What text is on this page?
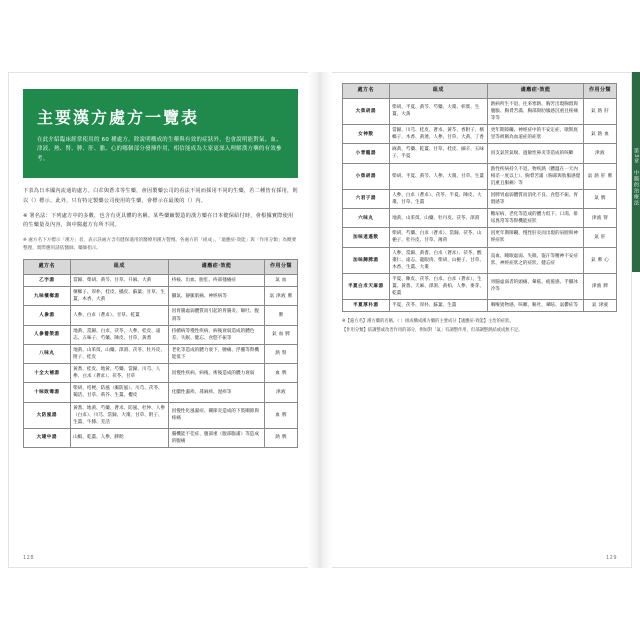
主要漢方處方一覽表

在此介紹臨床經常使用的 60 種處方。除說明構成的生藥與有效的症狀外，也會說明能對氣、血、津液、熱、腎、脾、肝、膽、心的哪個部分發揮作用，相信能成為大家更深入理解漢方藥的有效參考。

下表為日本國內流通的處方。白朮與蒼朮等生藥，會因製藥公司的看法不同而採用不同的生藥，若二種皆有採用，則以（）標示。此外，只有特定製藥公司使用的生藥，會標示在最後的（）內。

※ 署名法：下列處方中的多數，也含有更具體的名稱。某些藥廠製造的漢方藥在日本健保給付時，會根據實際使用的生藥量及內容，與中醫處方有所不同。

※ 處方名下方標示「漢方」者，表示該處方含有健保適用的醫療用漢方製劑。各處方的「組成」、「適應症‧效能」與「作用分類」為概要整理，實際應用請依醫師、藥師指示。
處方名	組成	適應症‧效能	作用分類
乙字湯	當歸、柴胡、黃芩、甘草、升麻、大黃	痔核、出血、脫肛、痔部搔癢症	氣 血
九味檳榔湯	檳榔子、厚朴、桂皮、橘皮、蘇葉、甘草、生薑、木香、大黃	腳氣、靜脈肌痛、神經病等	氣 津液 脾
人參湯	人參、白朮（蒼朮）、甘草、乾薑	因胃腸虛弱體質而引起的胃腸炎、嘔吐、腹瀉等	脾
人參養榮湯	地黃、當歸、白朮、茯苓、人參、桂皮、遠志、五味子、芍藥、陳皮、甘草、黃耆	持續病等慢性疾病、病後衰弱造成的體色差、失眠、健忘、食慾不振等	氣 血 脾
八味丸	地黃、山茱萸、山藥、澤瀉、茯苓、牡丹皮、附子、桂皮	老化等造成的體力衰下、腰痛、浮腫等腎機能低下	熱 腎
十全大補湯	黃耆、桂皮、地黃、芍藥、當歸、川芎、人參、白朮（蒼朮）、茯苓、甘草	因慢性疾病、病後、術後造成的體力衰弱	血 脾
十味敗毒湯	柴胡、桔梗、防風（濁防風）、川芎、茯苓、獨活、甘草、荊芥、生薑、櫻皮	化膿性濕疹、蕁麻疹、溼疹等	津液
大防風湯	黃耆、地黃、芍藥、蒼朮、防風、杜仲、人參（白朮）、川芎、當歸、大棗、甘草、附子、生薑、牛膝、羌活	因慢性化風濕症、關節炎造成的下肢關節與疼痛	血 脾
大建中湯	山椒、乾薑、人參、膠飴	腸機能不佳症、腹部重（腹部膨滿）等造成的腹痛	熱 脾
128
處方名	組成	適應症‧效能	作用分類
大柴胡湯	柴胡、半夏、黃芩、芍藥、大棗、枳實、生薑、大黃	熱病所生不退、往來寒熱、胸苦出現胸悶與腹脹、胸脅苦滿、胸部與肋脹感沉重且疼痛等等	氣 熱 肝
女神散	當歸、川芎、桂皮、蒼朮、黃芩、香附子、檳榔子、木香、黃連、人參、甘草、大黃、丁香	更年期障礙、神經症中的不安定症、歇斯底里等被稱為血道症的症狀	氣 熱 血
小青龍湯	麻黃、芍藥、乾薑、甘草、桂皮、細辛、五味子、半夏	因支氣管氣喘、過敏性鼻炎等造成的咳嗽	津液
小柴胡湯	柴胡、半夏、黃芩、人參、大棗、甘草、生薑	熱性疾病持久不退、物疾熱（體溫在一天內相差一度以上）、胸脅苦滿（胸部與肋脹感覺沉重且脹痛）等	氣 熱 肝 脾
六君子湯	人參、白朮（蒼朮）、茯苓、半夏、陳皮、大棗、甘草、生薑	因脾胃虛弱體質而消化不良、食慾不振、胃悶感等	氣 脾
六味丸	地黃、山茱萸、山藥、牡丹皮、茯苓、澤瀉	糖尿病、老化等造成的體力低下、口渴、排尿異常等等腎機能症狀	津液 腎
加味逍遙散	柴胡、芍藥、白朮（蒼朮）、當歸、茯苓、山梔子、牡丹皮、甘草、薄荷	因更年期障礙、慢性肝炎而出現的肩膀與神經症狀	氣 肝
加味歸脾湯	人參、當歸、黃耆、白朮（蒼朮）、茯苓、酸棗仁、遠志、龍眼肉、柴胡、山梔子、甘草、木香、生薑、大棗	貧血、睡眠虛弱、失眠、盜汗等精神不安症狀、神經症狀之的症狀、健忘症	氣 脾 心
半夏白朮天麻湯	半夏、陳皮、茯苓、白朮、白朮（蒼朮）、生薑、黃耆、天麻、澤瀉、黃柏、人參、麥芽、乾薑	胃腸虛弱者的頭痛、暈眩、疲倦感、手腳冰冷等	津液 脾
半夏厚朴湯	半夏、茯苓、厚朴、蘇葉、生薑	咽喉異物感、咳嗽、嘔吐、暈眩、氣鬱症等	氣 津液
※【處方名】漢方藥的名稱。（ ）組成構成漢方藥的主要成分【適應症‧效能】主治的症狀。
【作用分類】依調整或改善作用的部分，例如對「氣」有調整作用，但部調整熱結或成無不足。
129
第3章　中醫的治療法
